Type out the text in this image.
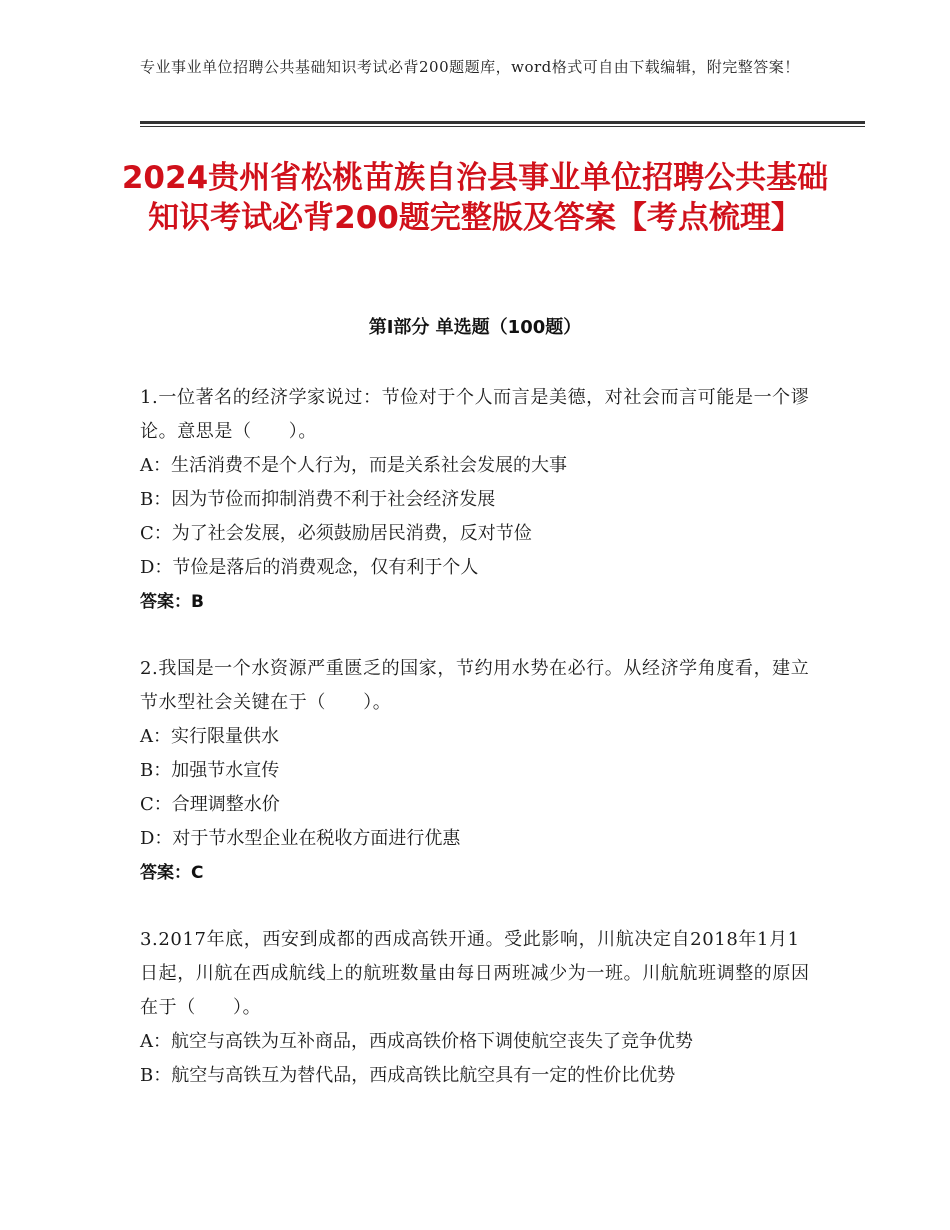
专业事业单位招聘公共基础知识考试必背200题题库，word格式可自由下载编辑，附完整答案！
2024贵州省松桃苗族自治县事业单位招聘公共基础知识考试必背200题完整版及答案【考点梳理】
第Ⅰ部分 单选题（100题）
1.一位著名的经济学家说过：节俭对于个人而言是美德，对社会而言可能是一个谬论。意思是（　　）。
A：生活消费不是个人行为，而是关系社会发展的大事
B：因为节俭而抑制消费不利于社会经济发展
C：为了社会发展，必须鼓励居民消费，反对节俭
D：节俭是落后的消费观念，仅有利于个人
答案：B
2.我国是一个水资源严重匮乏的国家，节约用水势在必行。从经济学角度看，建立节水型社会关键在于（　　）。
A：实行限量供水
B：加强节水宣传
C：合理调整水价
D：对于节水型企业在税收方面进行优惠
答案：C
3.2017年底，西安到成都的西成高铁开通。受此影响，川航决定自2018年1月1日起，川航在西成航线上的航班数量由每日两班减少为一班。川航航班调整的原因在于（　　）。
A：航空与高铁为互补商品，西成高铁价格下调使航空丧失了竞争优势
B：航空与高铁互为替代品，西成高铁比航空具有一定的性价比优势
